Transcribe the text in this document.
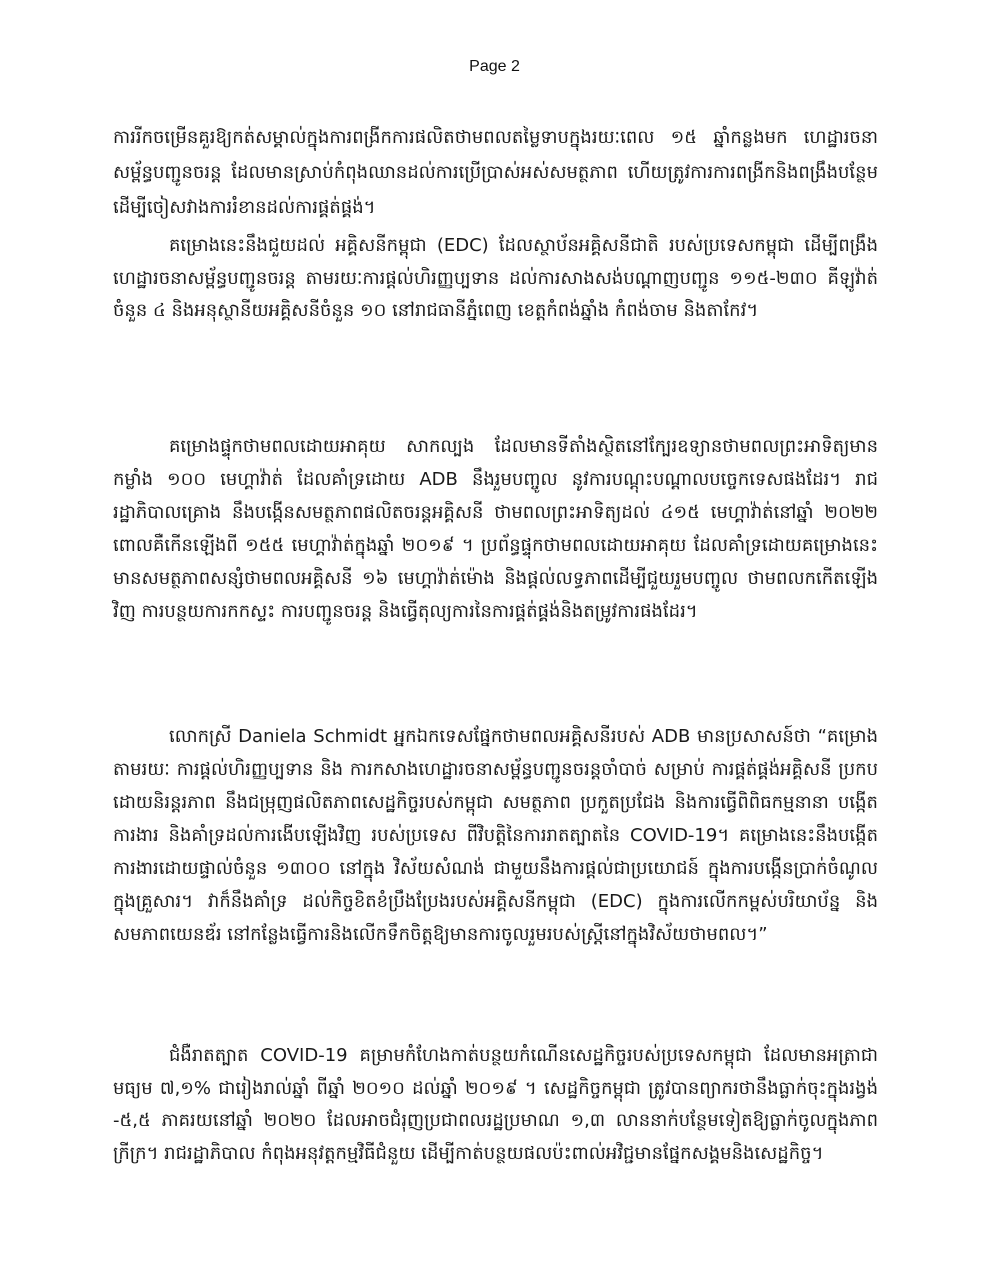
Page 2

ការរីកចម្រើនគួរឱ្យកត់សម្គាល់ក្នុងការពង្រីកការផលិតថាមពលតម្លៃទាបក្នុងរយៈពេល ១៥ ឆ្នាំកន្លងមក ហេដ្ឋារចនាសម្ព័ន្ធបញ្ជូនចរន្ត ដែលមានស្រាប់កំពុងឈានដល់ការប្រើប្រាស់អស់សមត្ថភាព ហើយត្រូវការការពង្រីកនិងពង្រឹងបន្ថែម ដើម្បីចៀសវាងការរំខានដល់ការផ្គត់ផ្គង់។

គម្រោងនេះនឹងជួយដល់ អគ្គិសនីកម្ពុជា (EDC) ដែលស្ថាប័នអគ្គិសនីជាតិ របស់ប្រទេសកម្ពុជា ដើម្បីពង្រឹងហេដ្ឋារចនាសម្ព័ន្ធបញ្ជូនចរន្ត តាមរយៈការផ្តល់ហិរញ្ញប្បទាន ដល់ការសាងសង់បណ្តាញបញ្ជូន ១១៥-២៣០ គីឡូវ៉ាត់ ចំនួន ៤ និងអនុស្ថានីយអគ្គិសនីចំនួន ១០ នៅរាជធានីភ្នំពេញ ខេត្តកំពង់ឆ្នាំង កំពង់ចាម និងតាកែវ។

គម្រោងផ្ទុកថាមពលដោយអាគុយ សាកល្បង ដែលមានទីតាំងស្ថិតនៅក្បែរឧទ្យានថាមពលព្រះអាទិត្យមានកម្លាំង ១០០ មេហ្គាវ៉ាត់ ដែលគាំទ្រដោយ ADB នឹងរួមបញ្ចូល នូវការបណ្តុះបណ្តាលបច្ចេកទេសផងដែរ។ រាជរដ្ឋាភិបាលគ្រោង នឹងបង្កើនសមត្ថភាពផលិតចរន្តអគ្គិសនី ថាមពលព្រះអាទិត្យដល់ ៤១៥ មេហ្គាវ៉ាត់នៅឆ្នាំ ២០២២ ពោលគឺកើនឡើងពី ១៥៥ មេហ្គាវ៉ាត់ក្នុងឆ្នាំ ២០១៩ ។ ប្រព័ន្ធផ្ទុកថាមពលដោយអាគុយ ដែលគាំទ្រដោយគម្រោងនេះ មានសមត្ថភាពសន្សំថាមពលអគ្គិសនី ១៦ មេហ្គាវ៉ាត់ម៉ោង និងផ្តល់លទ្ធភាពដើម្បីជួយរួមបញ្ចូល ថាមពលកកើតឡើងវិញ ការបន្ថយការកកស្ទះ ការបញ្ជូនចរន្ត និងធ្វើតុល្យការនៃការផ្គត់ផ្គង់និងតម្រូវការផងដែរ។

លោកស្រី Daniela Schmidt អ្នកឯកទេសផ្នែកថាមពលអគ្គិសនីរបស់ ADB មានប្រសាសន៍ថា “គម្រោង តាមរយៈ ការផ្តល់ហិរញ្ញប្បទាន និង ការកសាងហេដ្ឋារចនាសម្ព័ន្ធបញ្ជូនចរន្តចាំបាច់ សម្រាប់ ការផ្គត់ផ្គង់អគ្គិសនី ប្រកបដោយនិរន្តរភាព នឹងជម្រុញផលិតភាពសេដ្ឋកិច្ចរបស់កម្ពុជា សមត្ថភាព ប្រកួតប្រជែង និងការធ្វើពិពិធកម្មនានា បង្កើតការងារ និងគាំទ្រដល់ការងើបឡើងវិញ របស់ប្រទេស ពីវិបត្តិនៃការរាតត្បាតនៃ COVID-19។ គម្រោងនេះនឹងបង្កើតការងារដោយផ្ទាល់ចំនួន ១៣០០ នៅក្នុង វិស័យសំណង់ ជាមួយនឹងការផ្តល់ជាប្រយោជន៍ ក្នុងការបង្កើនប្រាក់ចំណូលក្នុងគ្រួសារ។ វាក៏នឹងគាំទ្រ ដល់កិច្ចខិតខំប្រឹងប្រែងរបស់អគ្គិសនីកម្ពុជា (EDC) ក្នុងការលើកកម្ពស់បរិយាប័ន្ន និងសមភាពយេនឌ័រ នៅកន្លែងធ្វើការនិងលើកទឹកចិត្តឱ្យមានការចូលរួមរបស់ស្ត្រីនៅក្នុងវិស័យថាមពល។”

ជំងឺរាតត្បាត COVID-19 គម្រាមកំហែងកាត់បន្ថយកំណើនសេដ្ឋកិច្ចរបស់ប្រទេសកម្ពុជា ដែលមានអត្រាជាមធ្យម ៧,១% ជារៀងរាល់ឆ្នាំ ពីឆ្នាំ ២០១០ ដល់ឆ្នាំ ២០១៩ ។ សេដ្ឋកិច្ចកម្ពុជា ត្រូវបានព្យាករថានឹងធ្លាក់ចុះក្នុងរង្វង់ -៥,៥ ភាគរយនៅឆ្នាំ ២០២០ ដែលអាចជំរុញប្រជាពលរដ្ឋប្រមាណ ១,៣ លាននាក់បន្ថែមទៀតឱ្យធ្លាក់ចូលក្នុងភាពក្រីក្រ។ រាជរដ្ឋាភិបាល កំពុងអនុវត្តកម្មវិធីជំនួយ ដើម្បីកាត់បន្ថយផលប៉ះពាល់អវិជ្ជមានផ្នែកសង្គមនិងសេដ្ឋកិច្ច។
